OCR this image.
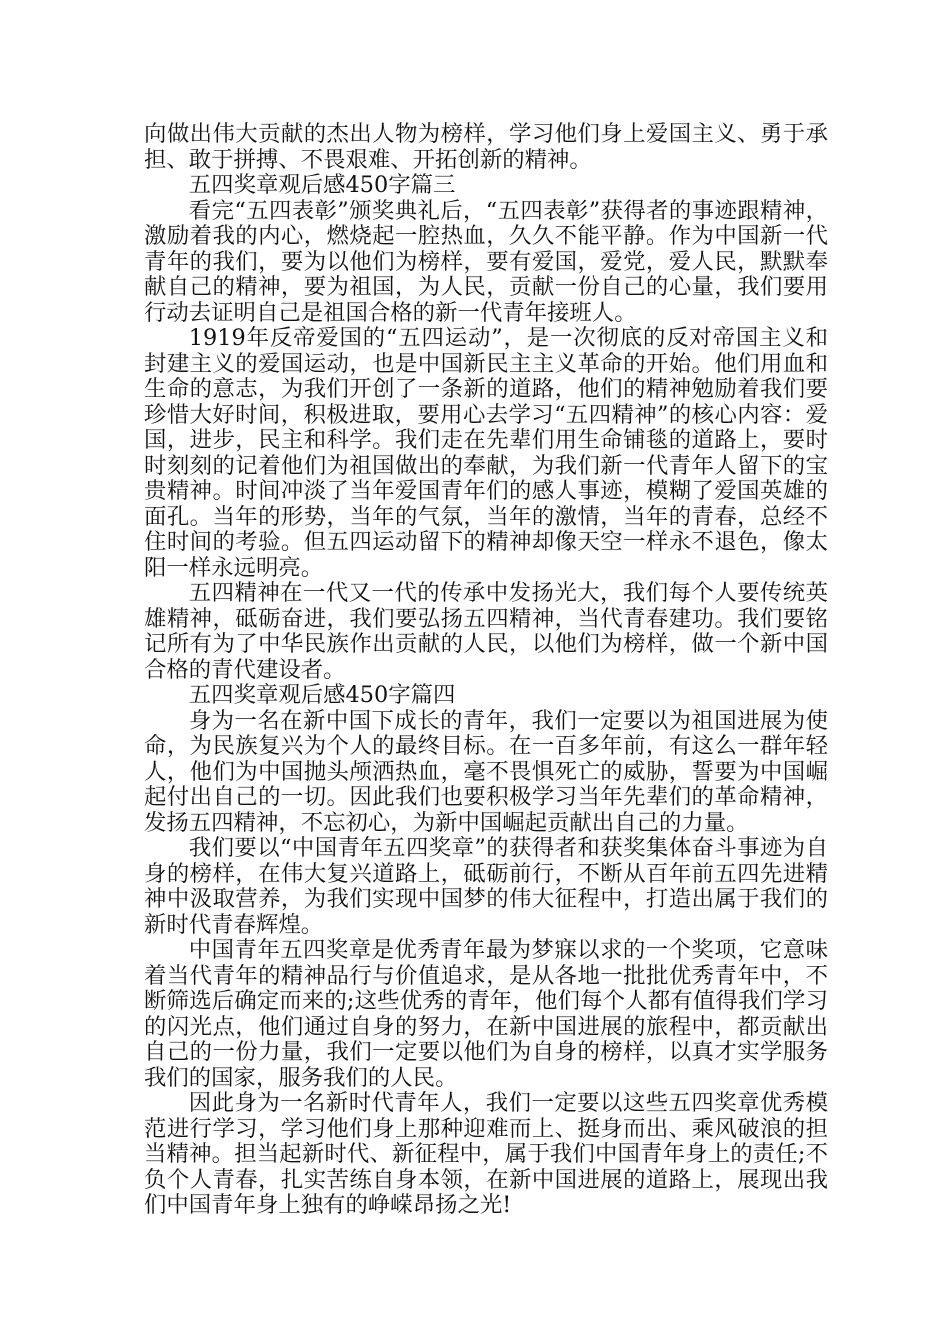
向做出伟大贡献的杰出人物为榜样，学习他们身上爱国主义、勇于承担、敢于拼搏、不畏艰难、开拓创新的精神。

五四奖章观后感450字篇三

看完“五四表彰”颁奖典礼后，“五四表彰”获得者的事迹跟精神，激励着我的内心，燃烧起一腔热血，久久不能平静。作为中国新一代青年的我们，要为以他们为榜样，要有爱国，爱党，爱人民，默默奉献自己的精神，要为祖国，为人民，贡献一份自己的心量，我们要用行动去证明自己是祖国合格的新一代青年接班人。

1919年反帝爱国的“五四运动”，是一次彻底的反对帝国主义和封建主义的爱国运动，也是中国新民主主义革命的开始。他们用血和生命的意志，为我们开创了一条新的道路，他们的精神勉励着我们要珍惜大好时间，积极进取，要用心去学习“五四精神”的核心内容：爱国，进步，民主和科学。我们走在先辈们用生命铺毯的道路上，要时时刻刻的记着他们为祖国做出的奉献，为我们新一代青年人留下的宝贵精神。时间冲淡了当年爱国青年们的感人事迹，模糊了爱国英雄的面孔。当年的形势，当年的气氛，当年的激情，当年的青春，总经不住时间的考验。但五四运动留下的精神却像天空一样永不退色，像太阳一样永远明亮。

五四精神在一代又一代的传承中发扬光大，我们每个人要传统英雄精神，砥砺奋进，我们要弘扬五四精神，当代青春建功。我们要铭记所有为了中华民族作出贡献的人民，以他们为榜样，做一个新中国合格的青代建设者。

五四奖章观后感450字篇四

身为一名在新中国下成长的青年，我们一定要以为祖国进展为使命，为民族复兴为个人的最终目标。在一百多年前，有这么一群年轻人，他们为中国抛头颅洒热血，毫不畏惧死亡的威胁，誓要为中国崛起付出自己的一切。因此我们也要积极学习当年先辈们的革命精神，发扬五四精神，不忘初心，为新中国崛起贡献出自己的力量。

我们要以“中国青年五四奖章”的获得者和获奖集体奋斗事迹为自身的榜样，在伟大复兴道路上，砥砺前行，不断从百年前五四先进精神中汲取营养，为我们实现中国梦的伟大征程中，打造出属于我们的新时代青春辉煌。

中国青年五四奖章是优秀青年最为梦寐以求的一个奖项，它意味着当代青年的精神品行与价值追求，是从各地一批批优秀青年中，不断筛选后确定而来的;这些优秀的青年，他们每个人都有值得我们学习的闪光点，他们通过自身的努力，在新中国进展的旅程中，都贡献出自己的一份力量，我们一定要以他们为自身的榜样，以真才实学服务我们的国家，服务我们的人民。

因此身为一名新时代青年人，我们一定要以这些五四奖章优秀模范进行学习，学习他们身上那种迎难而上、挺身而出、乘风破浪的担当精神。担当起新时代、新征程中，属于我们中国青年身上的责任;不负个人青春，扎实苦练自身本领，在新中国进展的道路上，展现出我们中国青年身上独有的峥嵘昂扬之光!
